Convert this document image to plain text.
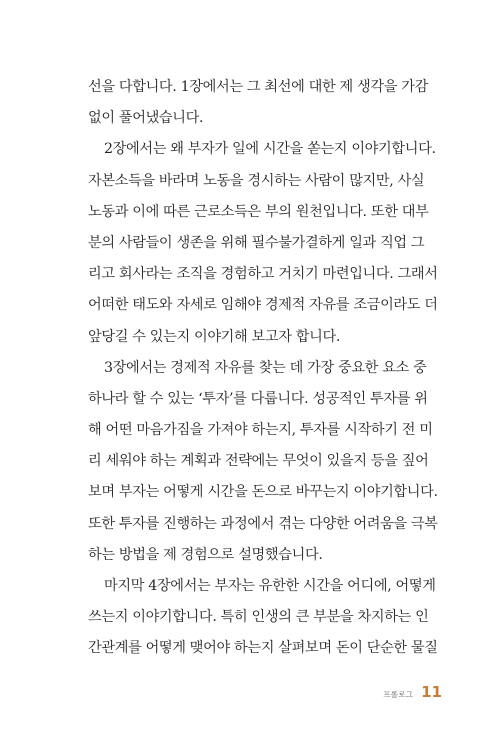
선을 다합니다. 1장에서는 그 최선에 대한 제 생각을 가감
없이 풀어냈습니다.
2장에서는 왜 부자가 일에 시간을 쏟는지 이야기합니다.
자본소득을 바라며 노동을 경시하는 사람이 많지만, 사실
노동과 이에 따른 근로소득은 부의 원천입니다. 또한 대부
분의 사람들이 생존을 위해 필수불가결하게 일과 직업 그
리고 회사라는 조직을 경험하고 거치기 마련입니다. 그래서
어떠한 태도와 자세로 임해야 경제적 자유를 조금이라도 더
앞당길 수 있는지 이야기해 보고자 합니다.
3장에서는 경제적 자유를 찾는 데 가장 중요한 요소 중
하나라 할 수 있는 ‘투자’를 다룹니다. 성공적인 투자를 위
해 어떤 마음가짐을 가져야 하는지, 투자를 시작하기 전 미
리 세워야 하는 계획과 전략에는 무엇이 있을지 등을 짚어
보며 부자는 어떻게 시간을 돈으로 바꾸는지 이야기합니다.
또한 투자를 진행하는 과정에서 겪는 다양한 어려움을 극복
하는 방법을 제 경험으로 설명했습니다.
마지막 4장에서는 부자는 유한한 시간을 어디에, 어떻게
쓰는지 이야기합니다. 특히 인생의 큰 부분을 차지하는 인
간관계를 어떻게 맺어야 하는지 살펴보며 돈이 단순한 물질
프롤로그 11
